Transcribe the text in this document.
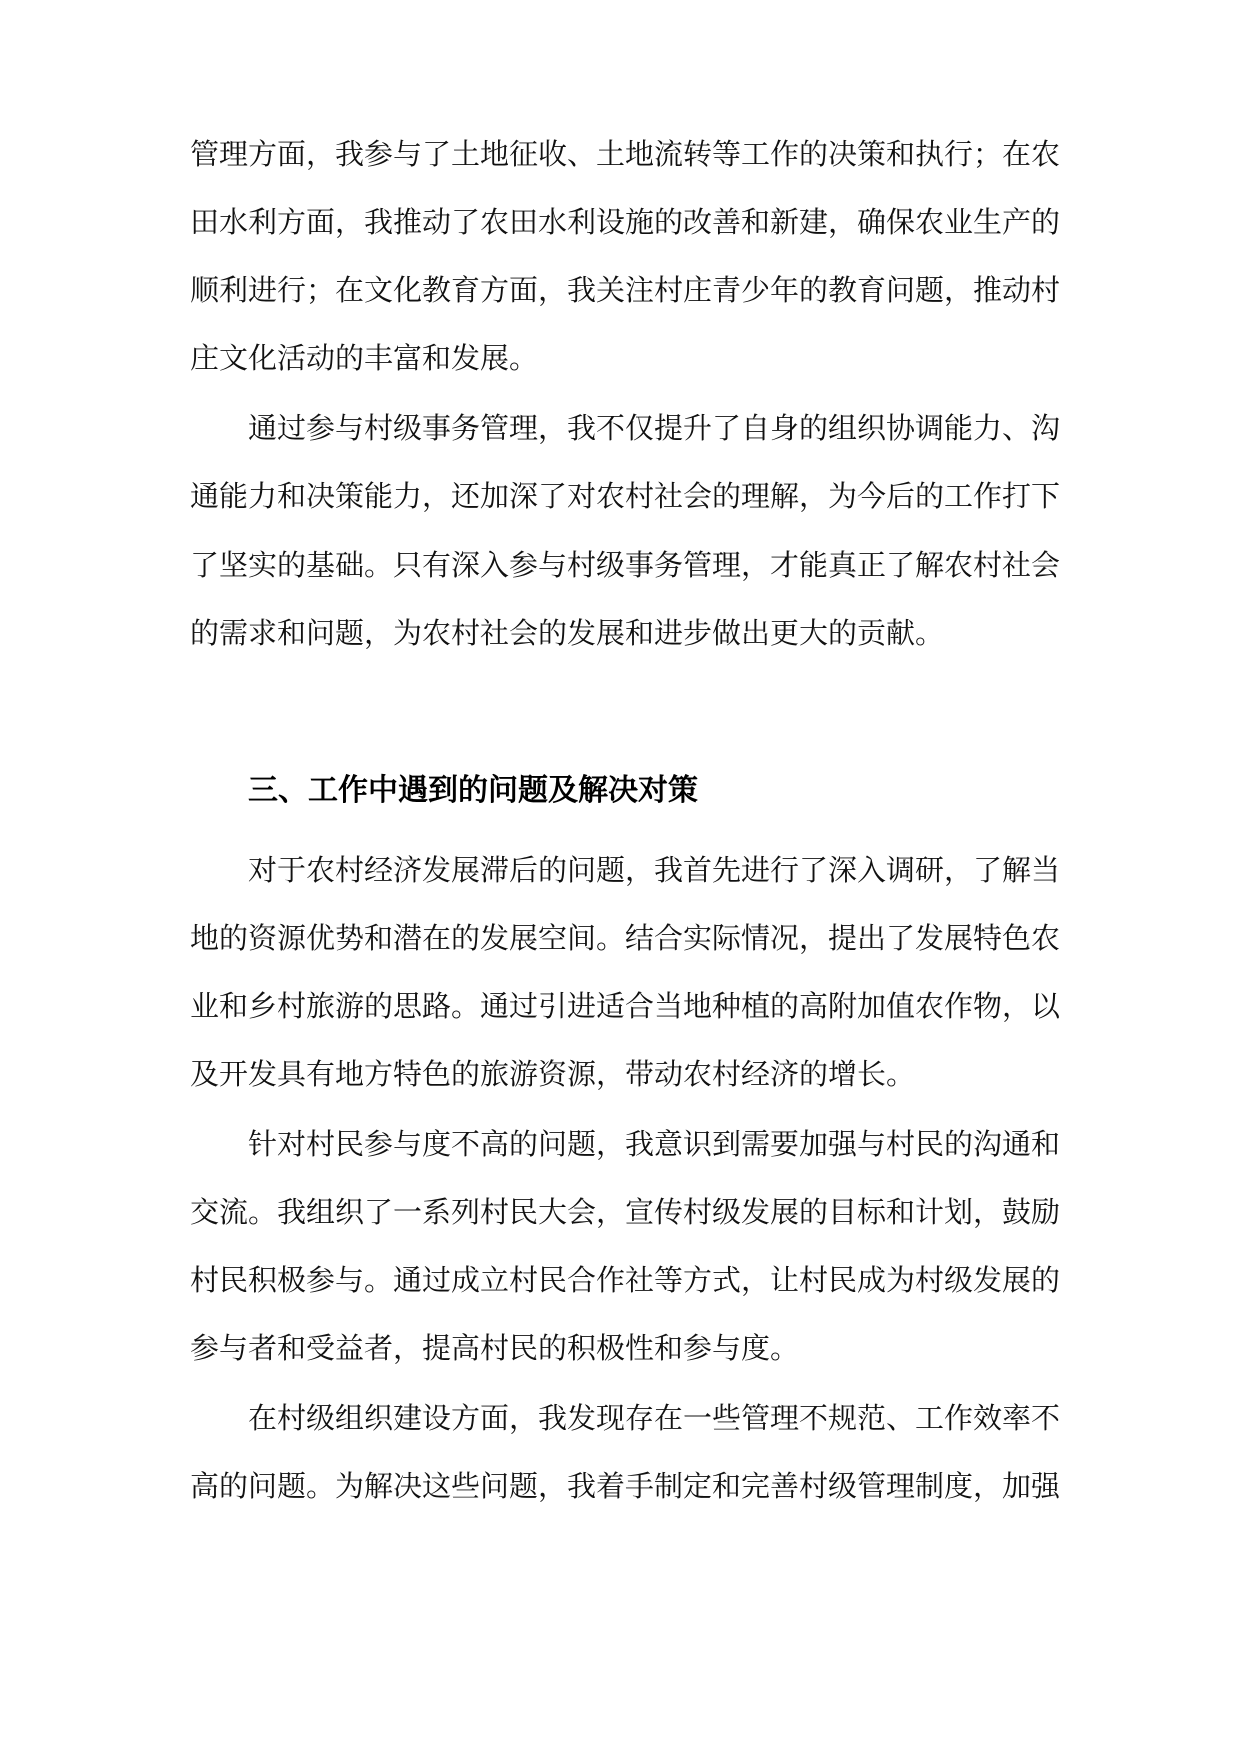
管理方面，我参与了土地征收、土地流转等工作的决策和执行；在农
田水利方面，我推动了农田水利设施的改善和新建，确保农业生产的
顺利进行；在文化教育方面，我关注村庄青少年的教育问题，推动村
庄文化活动的丰富和发展。
通过参与村级事务管理，我不仅提升了自身的组织协调能力、沟
通能力和决策能力，还加深了对农村社会的理解，为今后的工作打下
了坚实的基础。只有深入参与村级事务管理，才能真正了解农村社会
的需求和问题，为农村社会的发展和进步做出更大的贡献。
三、工作中遇到的问题及解决对策
对于农村经济发展滞后的问题，我首先进行了深入调研，了解当
地的资源优势和潜在的发展空间。结合实际情况，提出了发展特色农
业和乡村旅游的思路。通过引进适合当地种植的高附加值农作物，以
及开发具有地方特色的旅游资源，带动农村经济的增长。
针对村民参与度不高的问题，我意识到需要加强与村民的沟通和
交流。我组织了一系列村民大会，宣传村级发展的目标和计划，鼓励
村民积极参与。通过成立村民合作社等方式，让村民成为村级发展的
参与者和受益者，提高村民的积极性和参与度。
在村级组织建设方面，我发现存在一些管理不规范、工作效率不
高的问题。为解决这些问题，我着手制定和完善村级管理制度，加强
